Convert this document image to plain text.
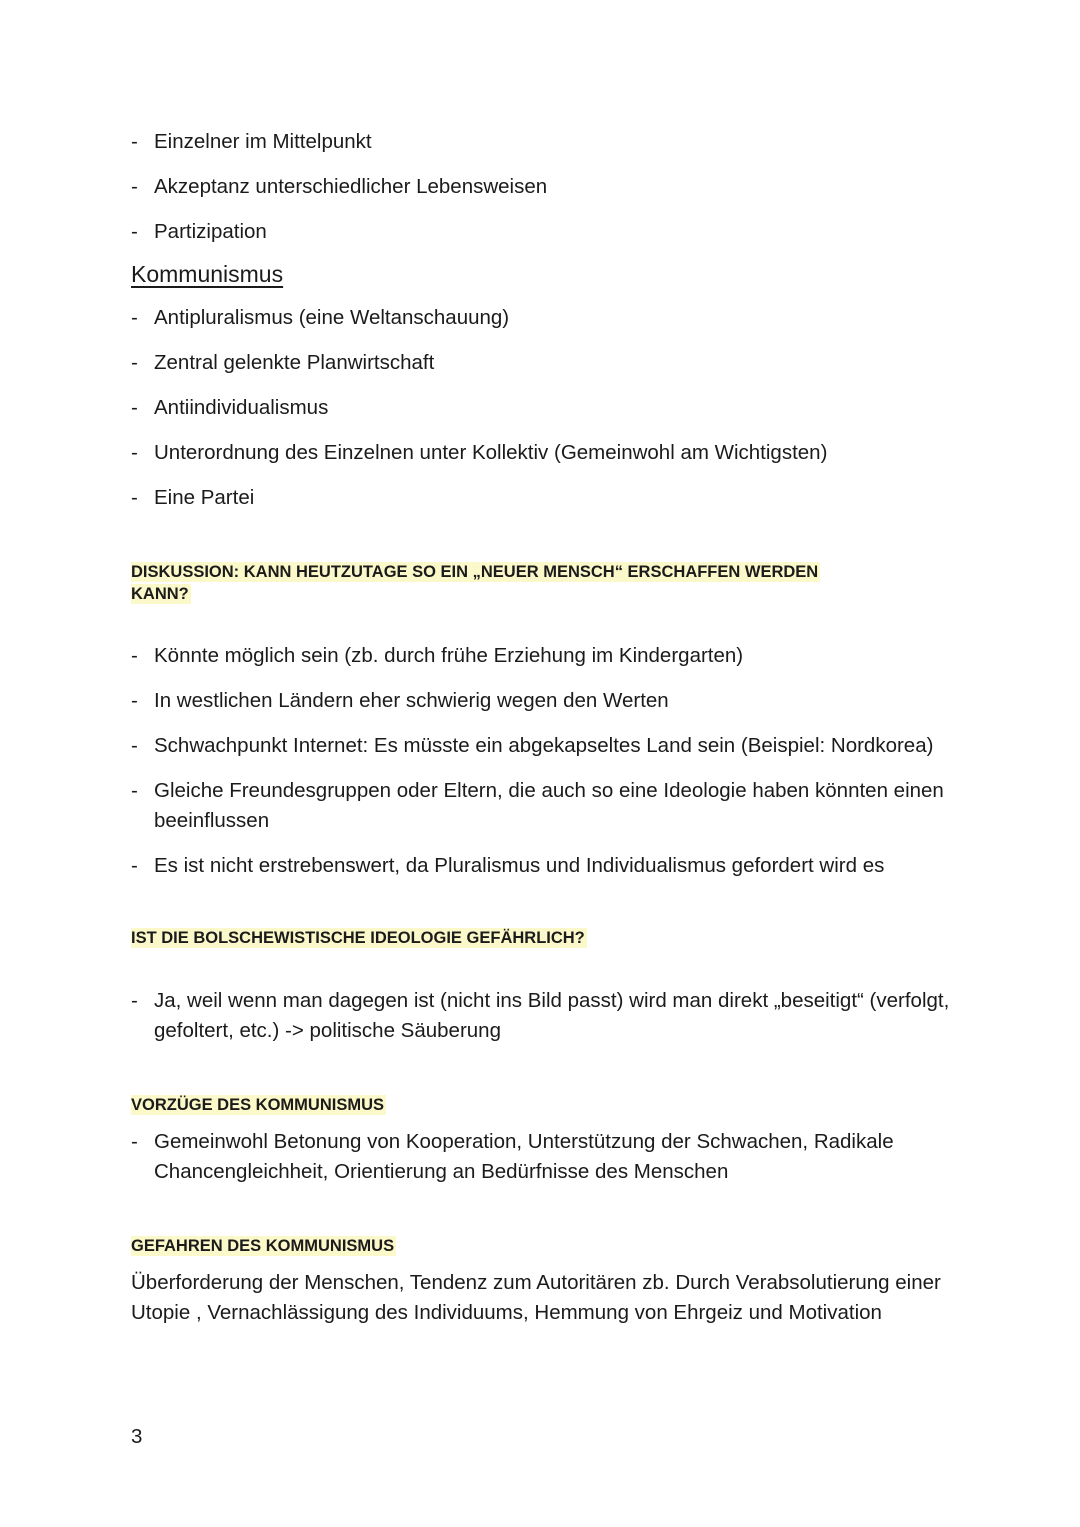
- Einzelner im Mittelpunkt
- Akzeptanz unterschiedlicher Lebensweisen
- Partizipation
Kommunismus
- Antipluralismus (eine Weltanschauung)
- Zentral gelenkte Planwirtschaft
- Antiindividualismus
- Unterordnung des Einzelnen unter Kollektiv (Gemeinwohl am Wichtigsten)
- Eine Partei
DISKUSSION: KANN HEUTZUTAGE SO EIN „NEUER MENSCH“ ERSCHAFFEN WERDEN
KANN?
- Könnte möglich sein (zb. durch frühe Erziehung im Kindergarten)
- In westlichen Ländern eher schwierig wegen den Werten
- Schwachpunkt Internet: Es müsste ein abgekapseltes Land sein (Beispiel: Nordkorea)
- Gleiche Freundesgruppen oder Eltern, die auch so eine Ideologie haben könnten einen beeinflussen
- Es ist nicht erstrebenswert, da Pluralismus und Individualismus gefordert wird es
IST DIE BOLSCHEWISTISCHE IDEOLOGIE GEFÄHRLICH?
- Ja, weil wenn man dagegen ist (nicht ins Bild passt) wird man direkt „beseitigt“ (verfolgt, gefoltert, etc.) -> politische Säuberung
VORZÜGE DES KOMMUNISMUS
- Gemeinwohl Betonung von Kooperation, Unterstützung der Schwachen, Radikale Chancengleichheit, Orientierung an Bedürfnisse des Menschen
GEFAHREN DES KOMMUNISMUS

Überforderung der Menschen, Tendenz zum Autoritären zb. Durch Verabsolutierung einer Utopie , Vernachlässigung des Individuums, Hemmung von Ehrgeiz und Motivation

3
